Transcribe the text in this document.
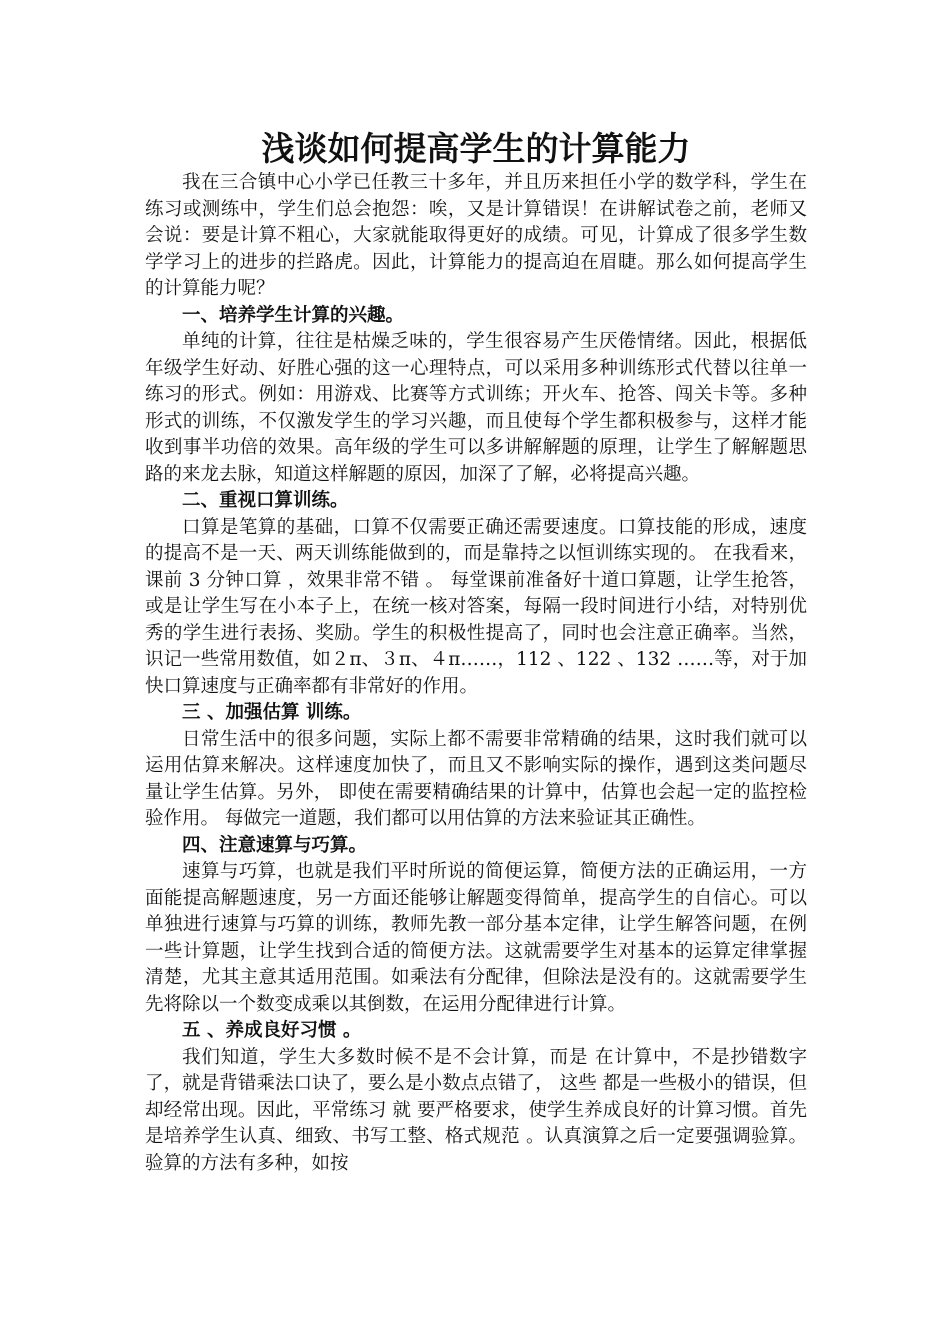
浅谈如何提高学生的计算能力

我在三合镇中心小学已任教三十多年，并且历来担任小学的数学科，学生在练习或测练中，学生们总会抱怨：唉，又是计算错误！在讲解试卷之前，老师又会说：要是计算不粗心，大家就能取得更好的成绩。可见，计算成了很多学生数学学习上的进步的拦路虎。因此，计算能力的提高迫在眉睫。那么如何提高学生的计算能力呢？

一、培养学生计算的兴趣。

单纯的计算，往往是枯燥乏味的，学生很容易产生厌倦情绪。因此，根据低年级学生好动、好胜心强的这一心理特点，可以采用多种训练形式代替以往单一练习的形式。例如：用游戏、比赛等方式训练；开火车、抢答、闯关卡等。多种形式的训练，不仅激发学生的学习兴趣，而且使每个学生都积极参与，这样才能收到事半功倍的效果。高年级的学生可以多讲解解题的原理，让学生了解解题思路的来龙去脉，知道这样解题的原因，加深了了解，必将提高兴趣。

二、重视口算训练。

口算是笔算的基础，口算不仅需要正确还需要速度。口算技能的形成，速度的提高不是一天、两天训练能做到的，而是靠持之以恒训练实现的。 在我看来， 课前 3 分钟口算 ，效果非常不错 。 每堂课前准备好十道口算题，让学生抢答，或是让学生写在小本子上，在统一核对答案，每隔一段时间进行小结，对特别优秀的学生进行表扬、奖励。学生的积极性提高了，同时也会注意正确率。当然，识记一些常用数值，如２π、３π、４π……，112 、122 、132 ……等，对于加快口算速度与正确率都有非常好的作用。

三 、加强估算 训练。

日常生活中的很多问题，实际上都不需要非常精确的结果，这时我们就可以运用估算来解决。这样速度加快了，而且又不影响实际的操作，遇到这类问题尽量让学生估算。另外， 即使在需要精确结果的计算中，估算也会起一定的监控检验作用。 每做完一道题，我们都可以用估算的方法来验证其正确性。

四、注意速算与巧算。

速算与巧算，也就是我们平时所说的简便运算，简便方法的正确运用，一方面能提高解题速度，另一方面还能够让解题变得简单，提高学生的自信心。可以单独进行速算与巧算的训练，教师先教一部分基本定律，让学生解答问题，在例一些计算题，让学生找到合适的简便方法。这就需要学生对基本的运算定律掌握清楚，尤其主意其适用范围。如乘法有分配律，但除法是没有的。这就需要学生先将除以一个数变成乘以其倒数，在运用分配律进行计算。

五 、养成良好习惯 。

我们知道，学生大多数时候不是不会计算，而是 在计算中，不是抄错数字了，就是背错乘法口诀了，要么是小数点点错了， 这些 都是一些极小的错误，但却经常出现。因此，平常练习 就 要严格要求，使学生养成良好的计算习惯。首先是培养学生认真、细致、书写工整、格式规范 。认真演算之后一定要强调验算。验算的方法有多种，如按
